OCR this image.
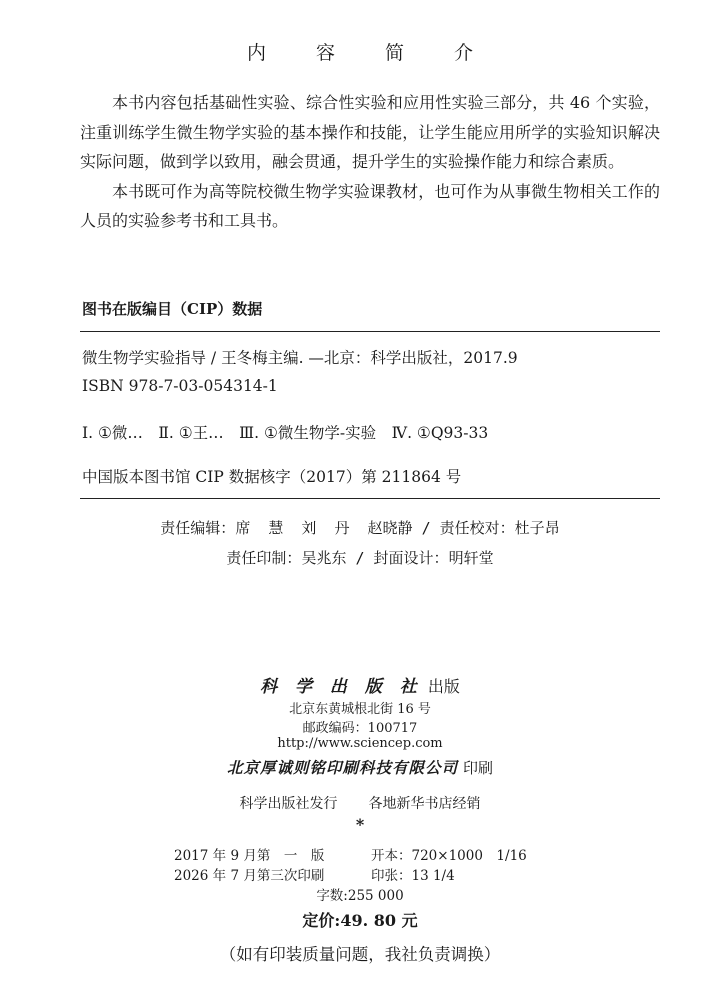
内 容 简 介

本书内容包括基础性实验、综合性实验和应用性实验三部分，共 46 个实验，注重训练学生微生物学实验的基本操作和技能，让学生能应用所学的实验知识解决实际问题，做到学以致用，融会贯通，提升学生的实验操作能力和综合素质。

本书既可作为高等院校微生物学实验课教材，也可作为从事微生物相关工作的人员的实验参考书和工具书。

图书在版编目（CIP）数据
微生物学实验指导 / 王冬梅主编. —北京：科学出版社，2017.9
ISBN 978-7-03-054314-1
Ⅰ. ①微…　Ⅱ. ①王…　Ⅲ. ①微生物学-实验　Ⅳ. ①Q93-33
中国版本图书馆 CIP 数据核字（2017）第 211864 号
责任编辑：席  慧  刘  丹  赵晓静 / 责任校对：杜子昂
责任印制：吴兆东 / 封面设计：明轩堂
科 学 出 版 社 出版
北京东黄城根北街 16 号
邮政编码：100717
http://www.sciencep.com
北京厚诚则铭印刷科技有限公司 印刷
科学出版社发行 各地新华书店经销
*
2017 年 9 月第　一　版	开本：720×1000　1/16
2026 年 7 月第三次印刷	印张：13 1/4
字数:255 000
定价:49. 80 元
（如有印装质量问题，我社负责调换）
